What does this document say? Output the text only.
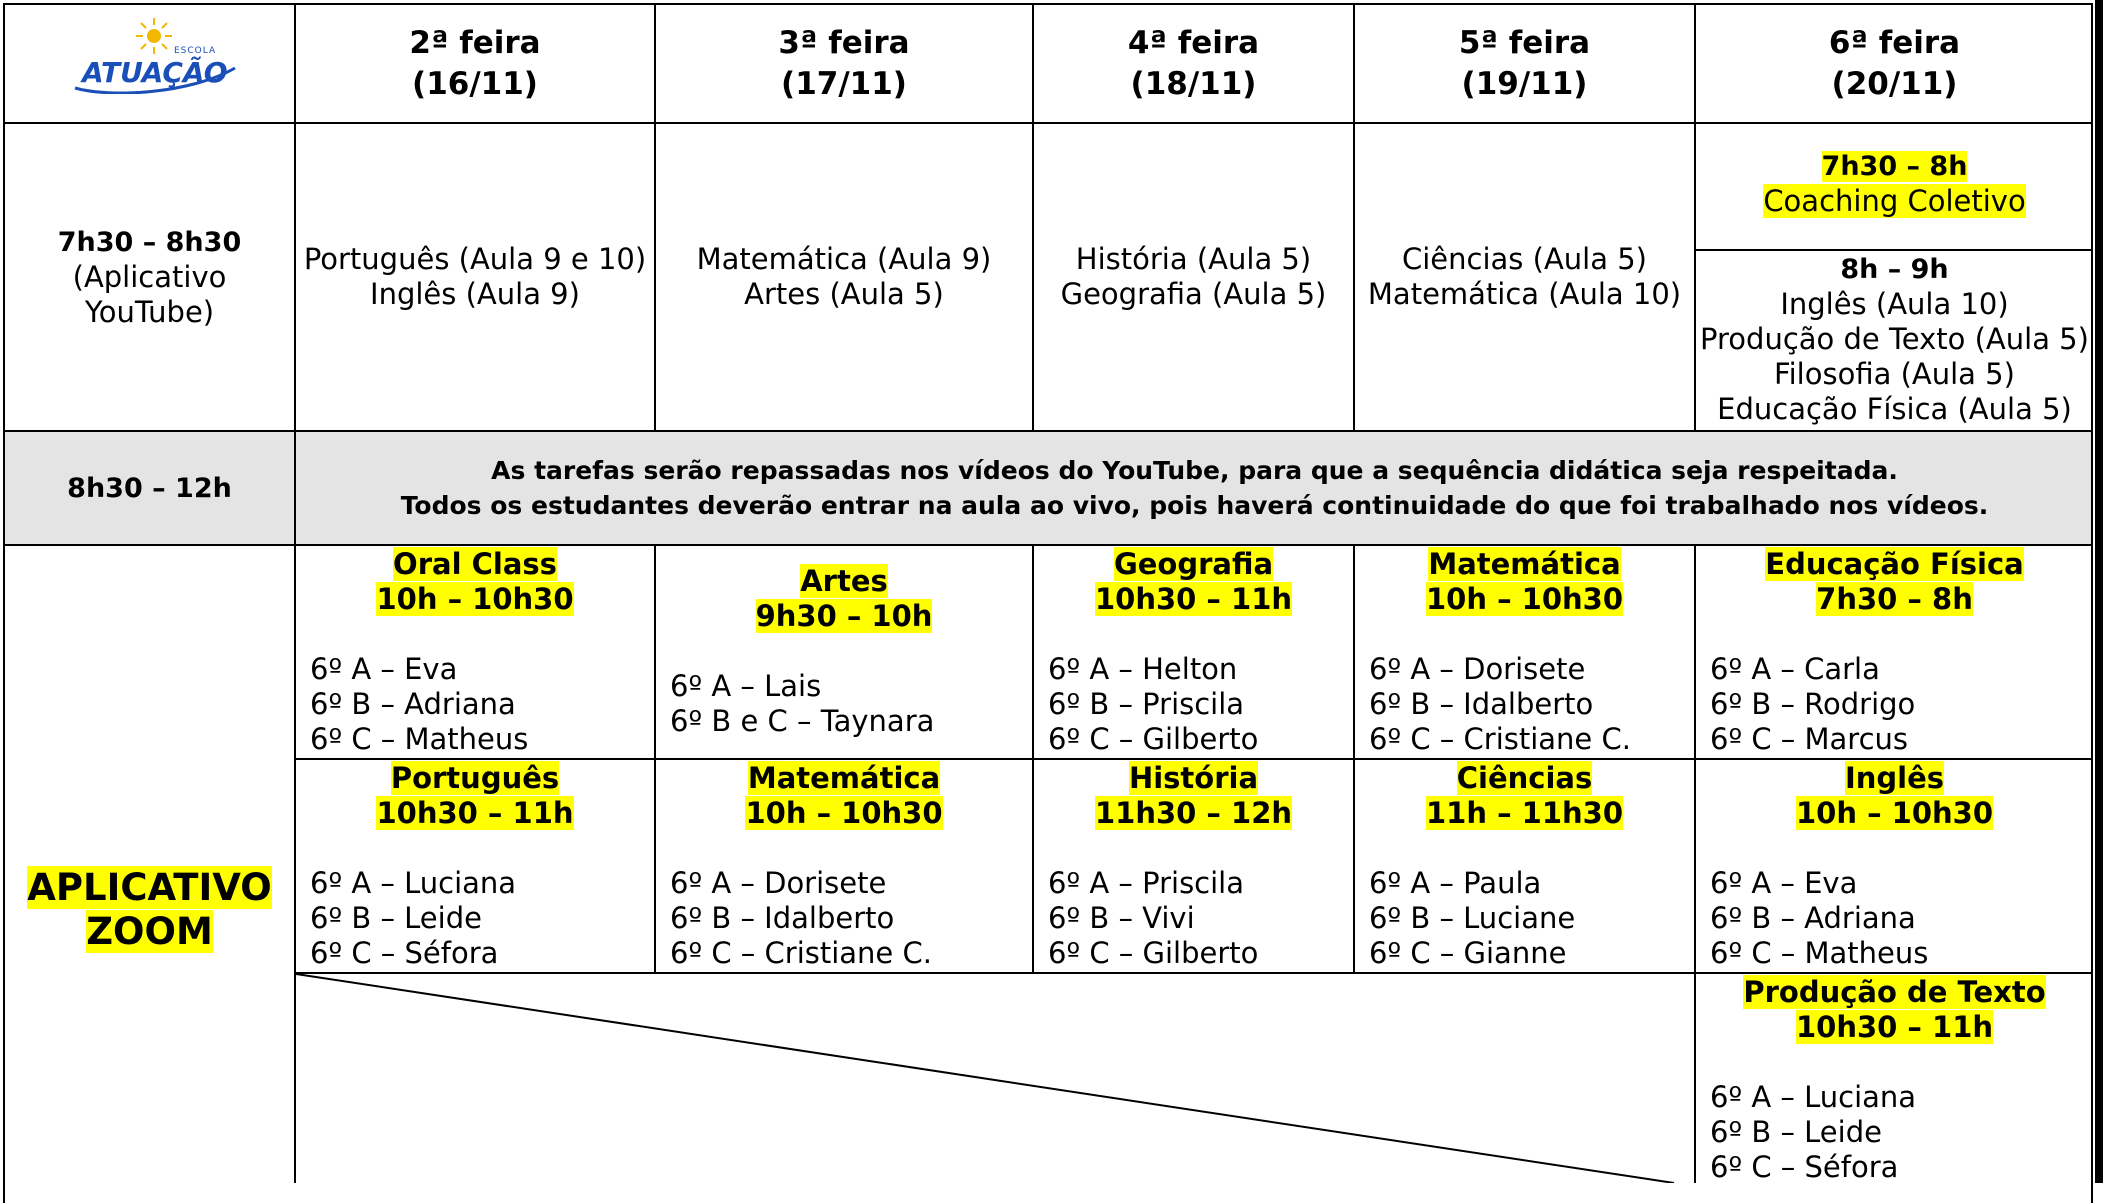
ESCOLA
ATUAÇÃO
2ª feira
(16/11)
3ª feira
(17/11)
4ª feira
(18/11)
5ª feira
(19/11)
6ª feira
(20/11)
7h30 – 8h30
(Aplicativo
YouTube)
Português (Aula 9 e 10)
Inglês (Aula 9)
Matemática (Aula 9)
Artes (Aula 5)
História (Aula 5)
Geografia (Aula 5)
Ciências (Aula 5)
Matemática (Aula 10)
7h30 – 8h
Coaching Coletivo
8h – 9h
Inglês (Aula 10)
Produção de Texto (Aula 5)
Filosofia (Aula 5)
Educação Física (Aula 5)
8h30 – 12h
As tarefas serão repassadas nos vídeos do YouTube, para que a sequência didática seja respeitada.
Todos os estudantes deverão entrar na aula ao vivo, pois haverá continuidade do que foi trabalhado nos vídeos.
APLICATIVO
ZOOM
Oral Class
10h – 10h30
6º A – Eva
6º B – Adriana
6º C – Matheus
Artes
9h30 – 10h
6º A – Lais
6º B e C – Taynara
Geografia
10h30 – 11h
6º A – Helton
6º B – Priscila
6º C – Gilberto
Matemática
10h – 10h30
6º A – Dorisete
6º B – Idalberto
6º C – Cristiane C.
Educação Física
7h30 – 8h
6º A – Carla
6º B – Rodrigo
6º C – Marcus
Português
10h30 – 11h
6º A – Luciana
6º B – Leide
6º C – Séfora
Matemática
10h – 10h30
6º A – Dorisete
6º B – Idalberto
6º C – Cristiane C.
História
11h30 – 12h
6º A – Priscila
6º B – Vivi
6º C – Gilberto
Ciências
11h – 11h30
6º A – Paula
6º B – Luciane
6º C – Gianne
Inglês
10h – 10h30
6º A – Eva
6º B – Adriana
6º C – Matheus
Produção de Texto
10h30 – 11h
6º A – Luciana
6º B – Leide
6º C – Séfora
